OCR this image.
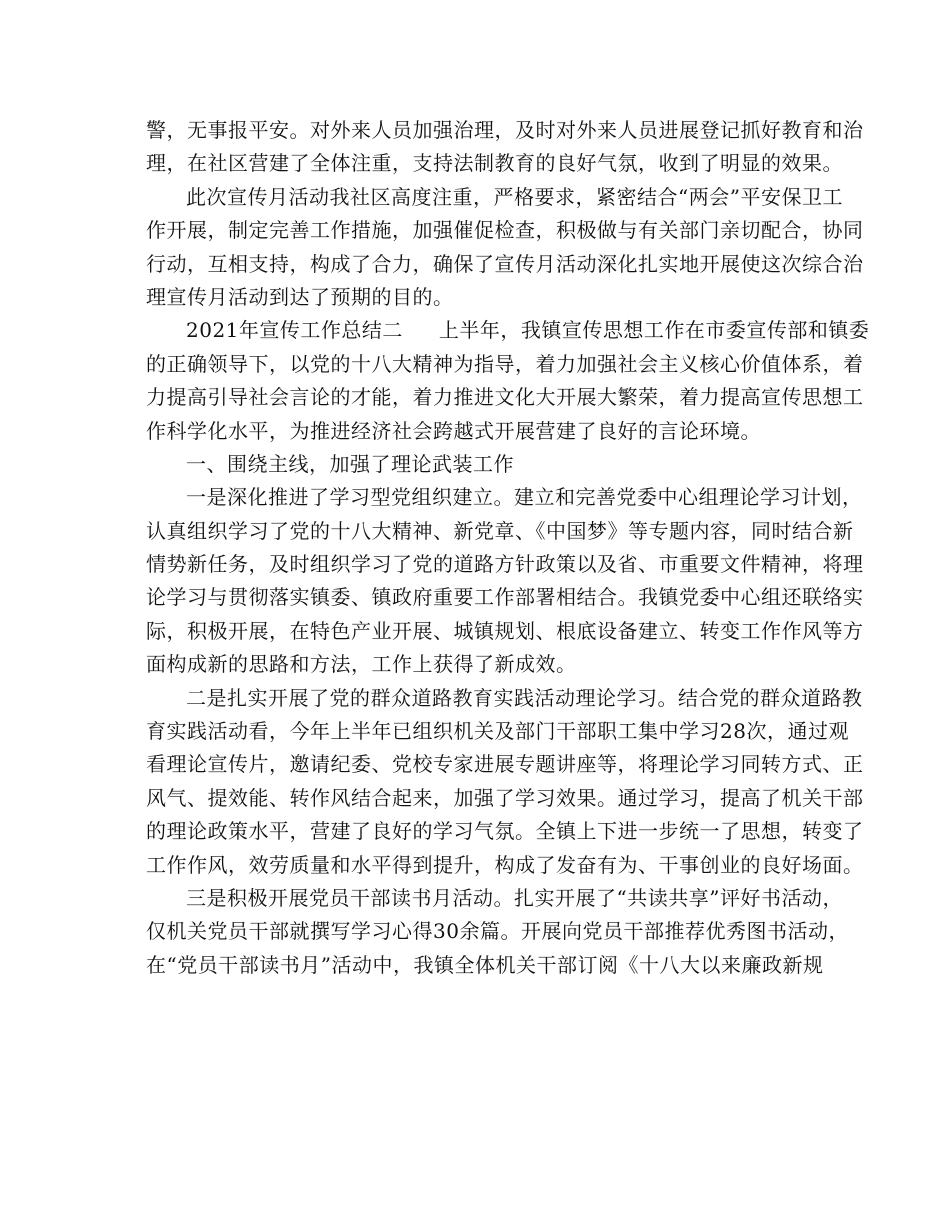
警，无事报平安。对外来人员加强治理，及时对外来人员进展登记抓好教育和治
理，在社区营建了全体注重，支持法制教育的良好气氛，收到了明显的效果。
此次宣传月活动我社区高度注重，严格要求，紧密结合“两会”平安保卫工
作开展，制定完善工作措施，加强催促检查，积极做与有关部门亲切配合，协同
行动，互相支持，构成了合力，确保了宣传月活动深化扎实地开展使这次综合治
理宣传月活动到达了预期的目的。
2021年宣传工作总结二 上半年，我镇宣传思想工作在市委宣传部和镇委
的正确领导下，以党的十八大精神为指导，着力加强社会主义核心价值体系，着
力提高引导社会言论的才能，着力推进文化大开展大繁荣，着力提高宣传思想工
作科学化水平，为推进经济社会跨越式开展营建了良好的言论环境。
一、围绕主线，加强了理论武装工作
一是深化推进了学习型党组织建立。建立和完善党委中心组理论学习计划，
认真组织学习了党的十八大精神、新党章、《中国梦》等专题内容，同时结合新
情势新任务，及时组织学习了党的道路方针政策以及省、市重要文件精神，将理
论学习与贯彻落实镇委、镇政府重要工作部署相结合。我镇党委中心组还联络实
际，积极开展，在特色产业开展、城镇规划、根底设备建立、转变工作作风等方
面构成新的思路和方法，工作上获得了新成效。
二是扎实开展了党的群众道路教育实践活动理论学习。结合党的群众道路教
育实践活动看，今年上半年已组织机关及部门干部职工集中学习28次，通过观
看理论宣传片，邀请纪委、党校专家进展专题讲座等，将理论学习同转方式、正
风气、提效能、转作风结合起来，加强了学习效果。通过学习，提高了机关干部
的理论政策水平，营建了良好的学习气氛。全镇上下进一步统一了思想，转变了
工作作风，效劳质量和水平得到提升，构成了发奋有为、干事创业的良好场面。
三是积极开展党员干部读书月活动。扎实开展了“共读共享”评好书活动，
仅机关党员干部就撰写学习心得30余篇。开展向党员干部推荐优秀图书活动，
在“党员干部读书月”活动中，我镇全体机关干部订阅《十八大以来廉政新规
